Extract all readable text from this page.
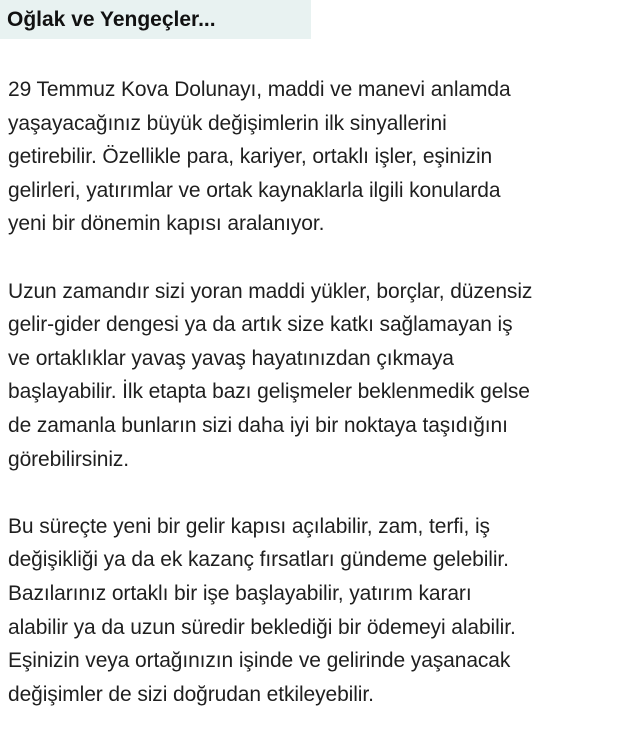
Oğlak ve Yengeçler...

29 Temmuz Kova Dolunayı, maddi ve manevi anlamda
yaşayacağınız büyük değişimlerin ilk sinyallerini
getirebilir. Özellikle para, kariyer, ortaklı işler, eşinizin
gelirleri, yatırımlar ve ortak kaynaklarla ilgili konularda
yeni bir dönemin kapısı aralanıyor.

Uzun zamandır sizi yoran maddi yükler, borçlar, düzensiz
gelir-gider dengesi ya da artık size katkı sağlamayan iş
ve ortaklıklar yavaş yavaş hayatınızdan çıkmaya
başlayabilir. İlk etapta bazı gelişmeler beklenmedik gelse
de zamanla bunların sizi daha iyi bir noktaya taşıdığını
görebilirsiniz.

Bu süreçte yeni bir gelir kapısı açılabilir, zam, terfi, iş
değişikliği ya da ek kazanç fırsatları gündeme gelebilir.
Bazılarınız ortaklı bir işe başlayabilir, yatırım kararı
alabilir ya da uzun süredir beklediği bir ödemeyi alabilir.
Eşinizin veya ortağınızın işinde ve gelirinde yaşanacak
değişimler de sizi doğrudan etkileyebilir.
